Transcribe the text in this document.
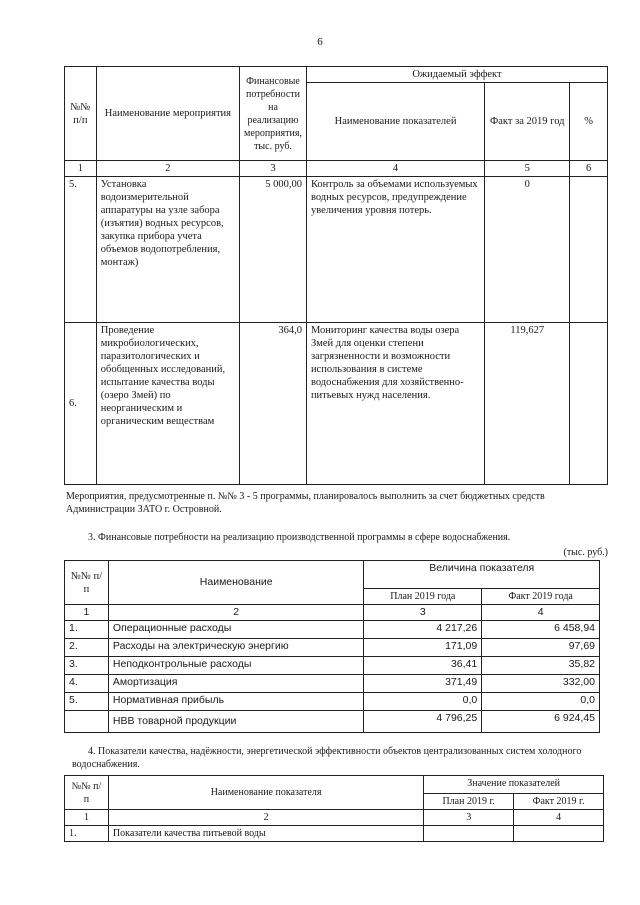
6
№№ п/п	Наименование мероприятия	Финансовые потребности на реализацию мероприятия, тыс. руб.	Ожидаемый эффект		
			Наименование показателей	Факт за 2019 год	%
1	2	3	4	5	6
5.	Установка водоизмерительной аппаратуры на узле забора (изъятия) водных ресурсов, закупка прибора учета объемов водопотребления, монтаж)	5 000,00	Контроль за объемами используемых водных ресурсов, предупреждение увеличения уровня потерь.	0	
6.	Проведение микробиологических, паразитологических и обобщенных исследований, испытание качества воды (озеро Змей) по неорганическим и органическим веществам	364,0	Мониторинг качества воды озера Змей для оценки степени загрязненности и возможности использования в системе водоснабжения для хозяйственно-питьевых нужд населения.	119,627	
Мероприятия, предусмотренные п. №№ 3 - 5 программы, планировалось выполнить за счет бюджетных средств Администрации ЗАТО г. Островной.
3. Финансовые потребности на реализацию производственной программы в сфере водоснабжения.
(тыс. руб.)
№№ п/п	Наименование	Величина показателя	
		План 2019 года	Факт 2019 года
1	2	3	4
1.	Операционные расходы	4 217,26	6 458,94
2.	Расходы на электрическую энергию	171,09	97,69
3.	Неподконтрольные расходы	36,41	35,82
4.	Амортизация	371,49	332,00
5.	Нормативная прибыль	0,0	0,0
	НВВ товарной продукции	4 796,25	6 924,45
4. Показатели качества, надёжности, энергетической эффективности объектов централизованных систем холодного водоснабжения.
№№ п/п	Наименование показателя	Значение показателей	
		План 2019 г.	Факт 2019 г.
1	2	3	4
1.	Показатели качества питьевой воды		
